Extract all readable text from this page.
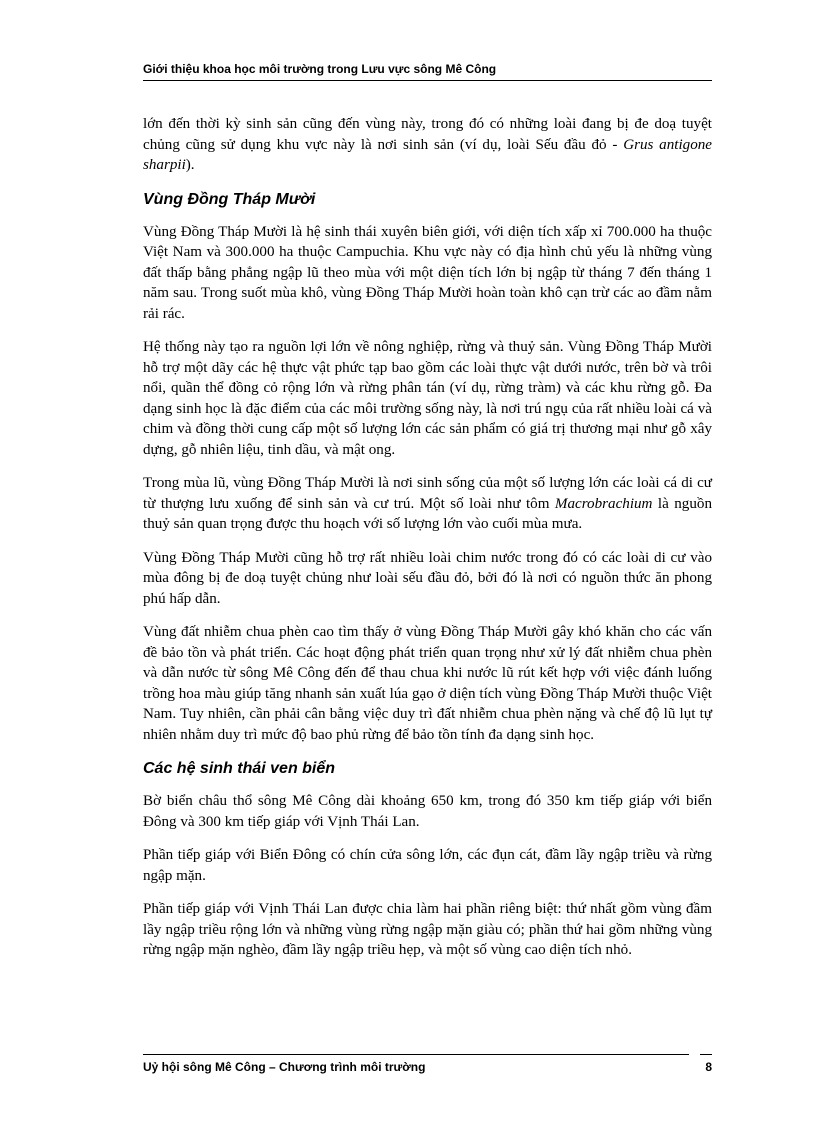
Giới thiệu khoa học môi trường trong Lưu vực sông Mê Công

lớn đến thời kỳ sinh sản cũng đến vùng này, trong đó có những loài đang bị đe doạ tuyệt chủng cũng sử dụng khu vực này là nơi sinh sản (ví dụ, loài Sếu đầu đỏ - Grus antigone sharpii).

Vùng Đồng Tháp Mười

Vùng Đồng Tháp Mười là hệ sinh thái xuyên biên giới, với diện tích xấp xỉ 700.000 ha thuộc Việt Nam và 300.000 ha thuộc Campuchia. Khu vực này có địa hình chủ yếu là những vùng đất thấp bằng phẳng ngập lũ theo mùa với một diện tích lớn bị ngập từ tháng 7 đến tháng 1 năm sau. Trong suốt mùa khô, vùng Đồng Tháp Mười hoàn toàn khô cạn trừ các ao đầm nằm rải rác.

Hệ thống này tạo ra nguồn lợi lớn về nông nghiệp, rừng và thuỷ sản. Vùng Đồng Tháp Mười hỗ trợ một dãy các hệ thực vật phức tạp bao gồm các loài thực vật dưới nước, trên bờ và trôi nổi, quần thể đồng cỏ rộng lớn và rừng phân tán (ví dụ, rừng tràm) và các khu rừng gỗ. Đa dạng sinh học là đặc điểm của các môi trường sống này, là nơi trú ngụ của rất nhiều loài cá và chim và đồng thời cung cấp một số lượng lớn các sản phẩm có giá trị thương mại như gỗ xây dựng, gỗ nhiên liệu, tinh dầu, và mật ong.

Trong mùa lũ, vùng Đồng Tháp Mười là nơi sinh sống của một số lượng lớn các loài cá di cư từ thượng lưu xuống để sinh sản và cư trú. Một số loài như tôm Macrobrachium là nguồn thuỷ sản quan trọng được thu hoạch với số lượng lớn vào cuối mùa mưa.

Vùng Đồng Tháp Mười cũng hỗ trợ rất nhiều loài chim nước trong đó có các loài di cư vào mùa đông bị đe doạ tuyệt chủng như loài sếu đầu đỏ, bởi đó là nơi có nguồn thức ăn phong phú hấp dẫn.

Vùng đất nhiễm chua phèn cao tìm thấy ở vùng Đồng Tháp Mười gây khó khăn cho các vấn đề bảo tồn và phát triển. Các hoạt động phát triển quan trọng như xử lý đất nhiễm chua phèn và dẫn nước từ sông Mê Công đến để thau chua khi nước lũ rút kết hợp với việc đánh luống trồng hoa màu giúp tăng nhanh sản xuất lúa gạo ở diện tích vùng Đồng Tháp Mười thuộc Việt Nam. Tuy nhiên, cần phải cân bằng việc duy trì đất nhiễm chua phèn nặng và chế độ lũ lụt tự nhiên nhằm duy trì mức độ bao phủ rừng để bảo tồn tính đa dạng sinh học.

Các hệ sinh thái ven biển

Bờ biển châu thổ sông Mê Công dài khoảng 650 km, trong đó 350 km tiếp giáp với biển Đông và 300 km tiếp giáp với Vịnh Thái Lan.

Phần tiếp giáp với Biển Đông có chín cửa sông lớn, các đụn cát, đầm lầy ngập triều và rừng ngập mặn.

Phần tiếp giáp với Vịnh Thái Lan được chia làm hai phần riêng biệt: thứ nhất gồm vùng đầm lầy ngập triều rộng lớn và những vùng rừng ngập mặn giàu có; phần thứ hai gồm những vùng rừng ngập mặn nghèo, đầm lầy ngập triều hẹp, và một số vùng cao diện tích nhỏ.

Uỷ hội sông Mê Công – Chương trình môi trường	8
